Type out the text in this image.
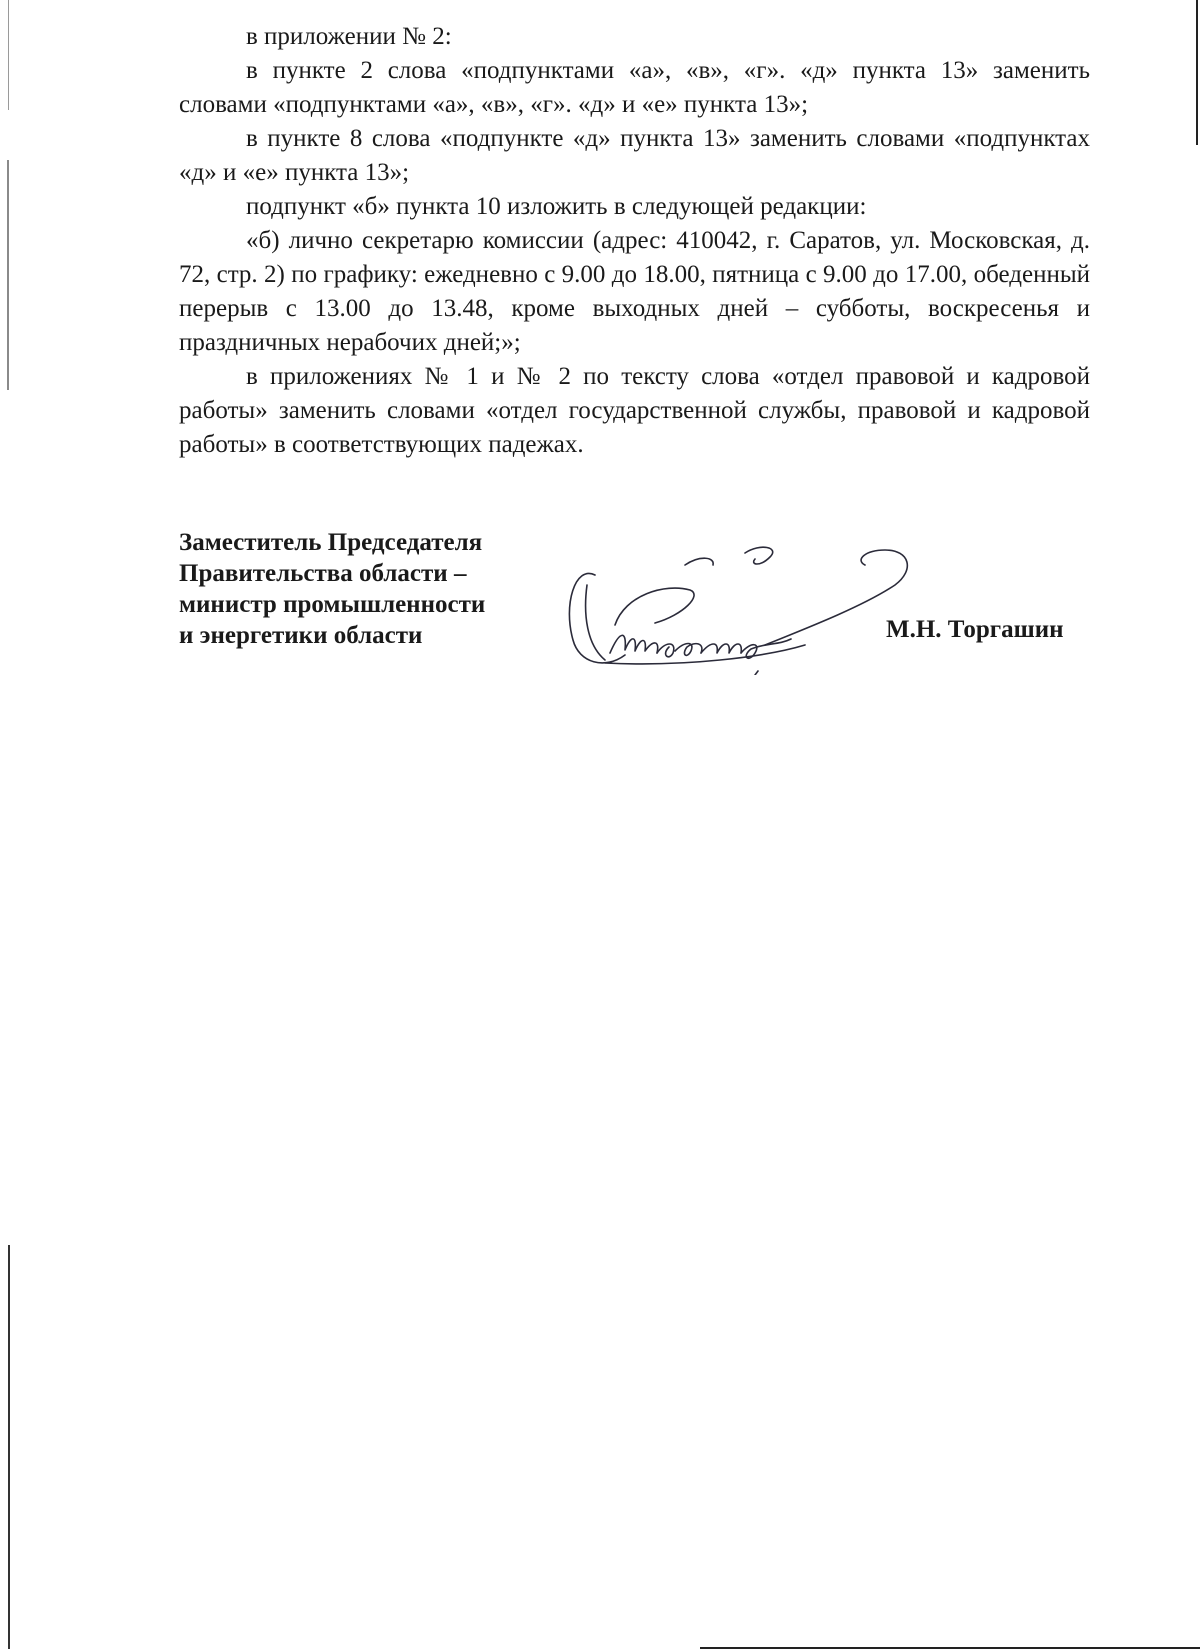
в приложении № 2:

в пункте 2 слова «подпунктами «а», «в», «г». «д» пункта 13» заменить словами «подпунктами «а», «в», «г». «д» и «е» пункта 13»;

в пункте 8 слова «подпункте «д» пункта 13» заменить словами «подпунктах «д» и «е» пункта 13»;

подпункт «б» пункта 10 изложить в следующей редакции:

«б) лично секретарю комиссии (адрес: 410042, г. Саратов, ул. Московская, д. 72, стр. 2) по графику: ежедневно с 9.00 до 18.00, пятница с 9.00 до 17.00, обеденный перерыв с 13.00 до 13.48, кроме выходных дней – субботы, воскресенья и праздничных нерабочих дней;»;

в приложениях № 1 и № 2 по тексту слова «отдел правовой и кадровой работы» заменить словами «отдел государственной службы, правовой и кадровой работы» в соответствующих падежах.

Заместитель Председателя
Правительства области –
министр промышленности
и энергетики области	М.Н. Торгашин
